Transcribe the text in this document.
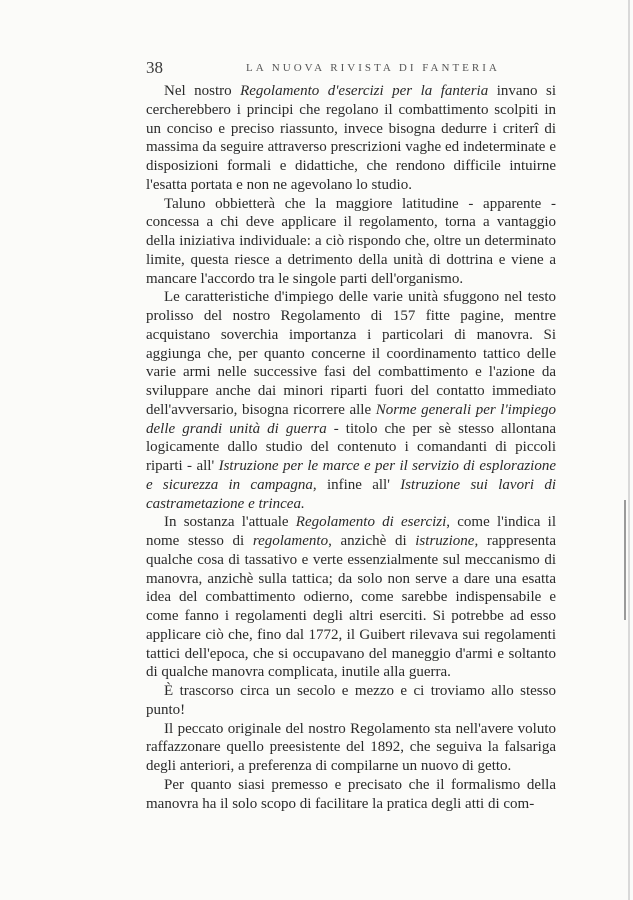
38	LA NUOVA RIVISTA DI FANTERIA

Nel nostro Regolamento d'esercizi per la fanteria invano si cercherebbero i principi che regolano il combattimento scolpiti in un conciso e preciso riassunto, invece bisogna dedurre i criterî di massima da seguire attraverso prescrizioni vaghe ed indeterminate e disposizioni formali e didattiche, che rendono difficile intuirne l'esatta portata e non ne agevolano lo studio.

Taluno obbietterà che la maggiore latitudine - apparente - concessa a chi deve applicare il regolamento, torna a vantaggio della iniziativa individuale: a ciò rispondo che, oltre un determinato limite, questa riesce a detrimento della unità di dottrina e viene a mancare l'accordo tra le singole parti dell'organismo.

Le caratteristiche d'impiego delle varie unità sfuggono nel testo prolisso del nostro Regolamento di 157 fitte pagine, mentre acquistano soverchia importanza i particolari di manovra. Si aggiunga che, per quanto concerne il coordinamento tattico delle varie armi nelle successive fasi del combattimento e l'azione da sviluppare anche dai minori riparti fuori del contatto immediato dell'avversario, bisogna ricorrere alle Norme generali per l'impiego delle grandi unità di guerra - titolo che per sè stesso allontana logicamente dallo studio del contenuto i comandanti di piccoli riparti - all' Istruzione per le marce e per il servizio di esplorazione e sicurezza in campagna, infine all' Istruzione sui lavori di castrametazione e trincea.

In sostanza l'attuale Regolamento di esercizi, come l'indica il nome stesso di regolamento, anzichè di istruzione, rappresenta qualche cosa di tassativo e verte essenzialmente sul meccanismo di manovra, anzichè sulla tattica; da solo non serve a dare una esatta idea del combattimento odierno, come sarebbe indispensabile e come fanno i regolamenti degli altri eserciti. Si potrebbe ad esso applicare ciò che, fino dal 1772, il Guibert rilevava sui regolamenti tattici dell'epoca, che si occupavano del maneggio d'armi e soltanto di qualche manovra complicata, inutile alla guerra.

È trascorso circa un secolo e mezzo e ci troviamo allo stesso punto!

Il peccato originale del nostro Regolamento sta nell'avere voluto raffazzonare quello preesistente del 1892, che seguiva la falsariga degli anteriori, a preferenza di compilarne un nuovo di getto.

Per quanto siasi premesso e precisato che il formalismo della manovra ha il solo scopo di facilitare la pratica degli atti di com-
